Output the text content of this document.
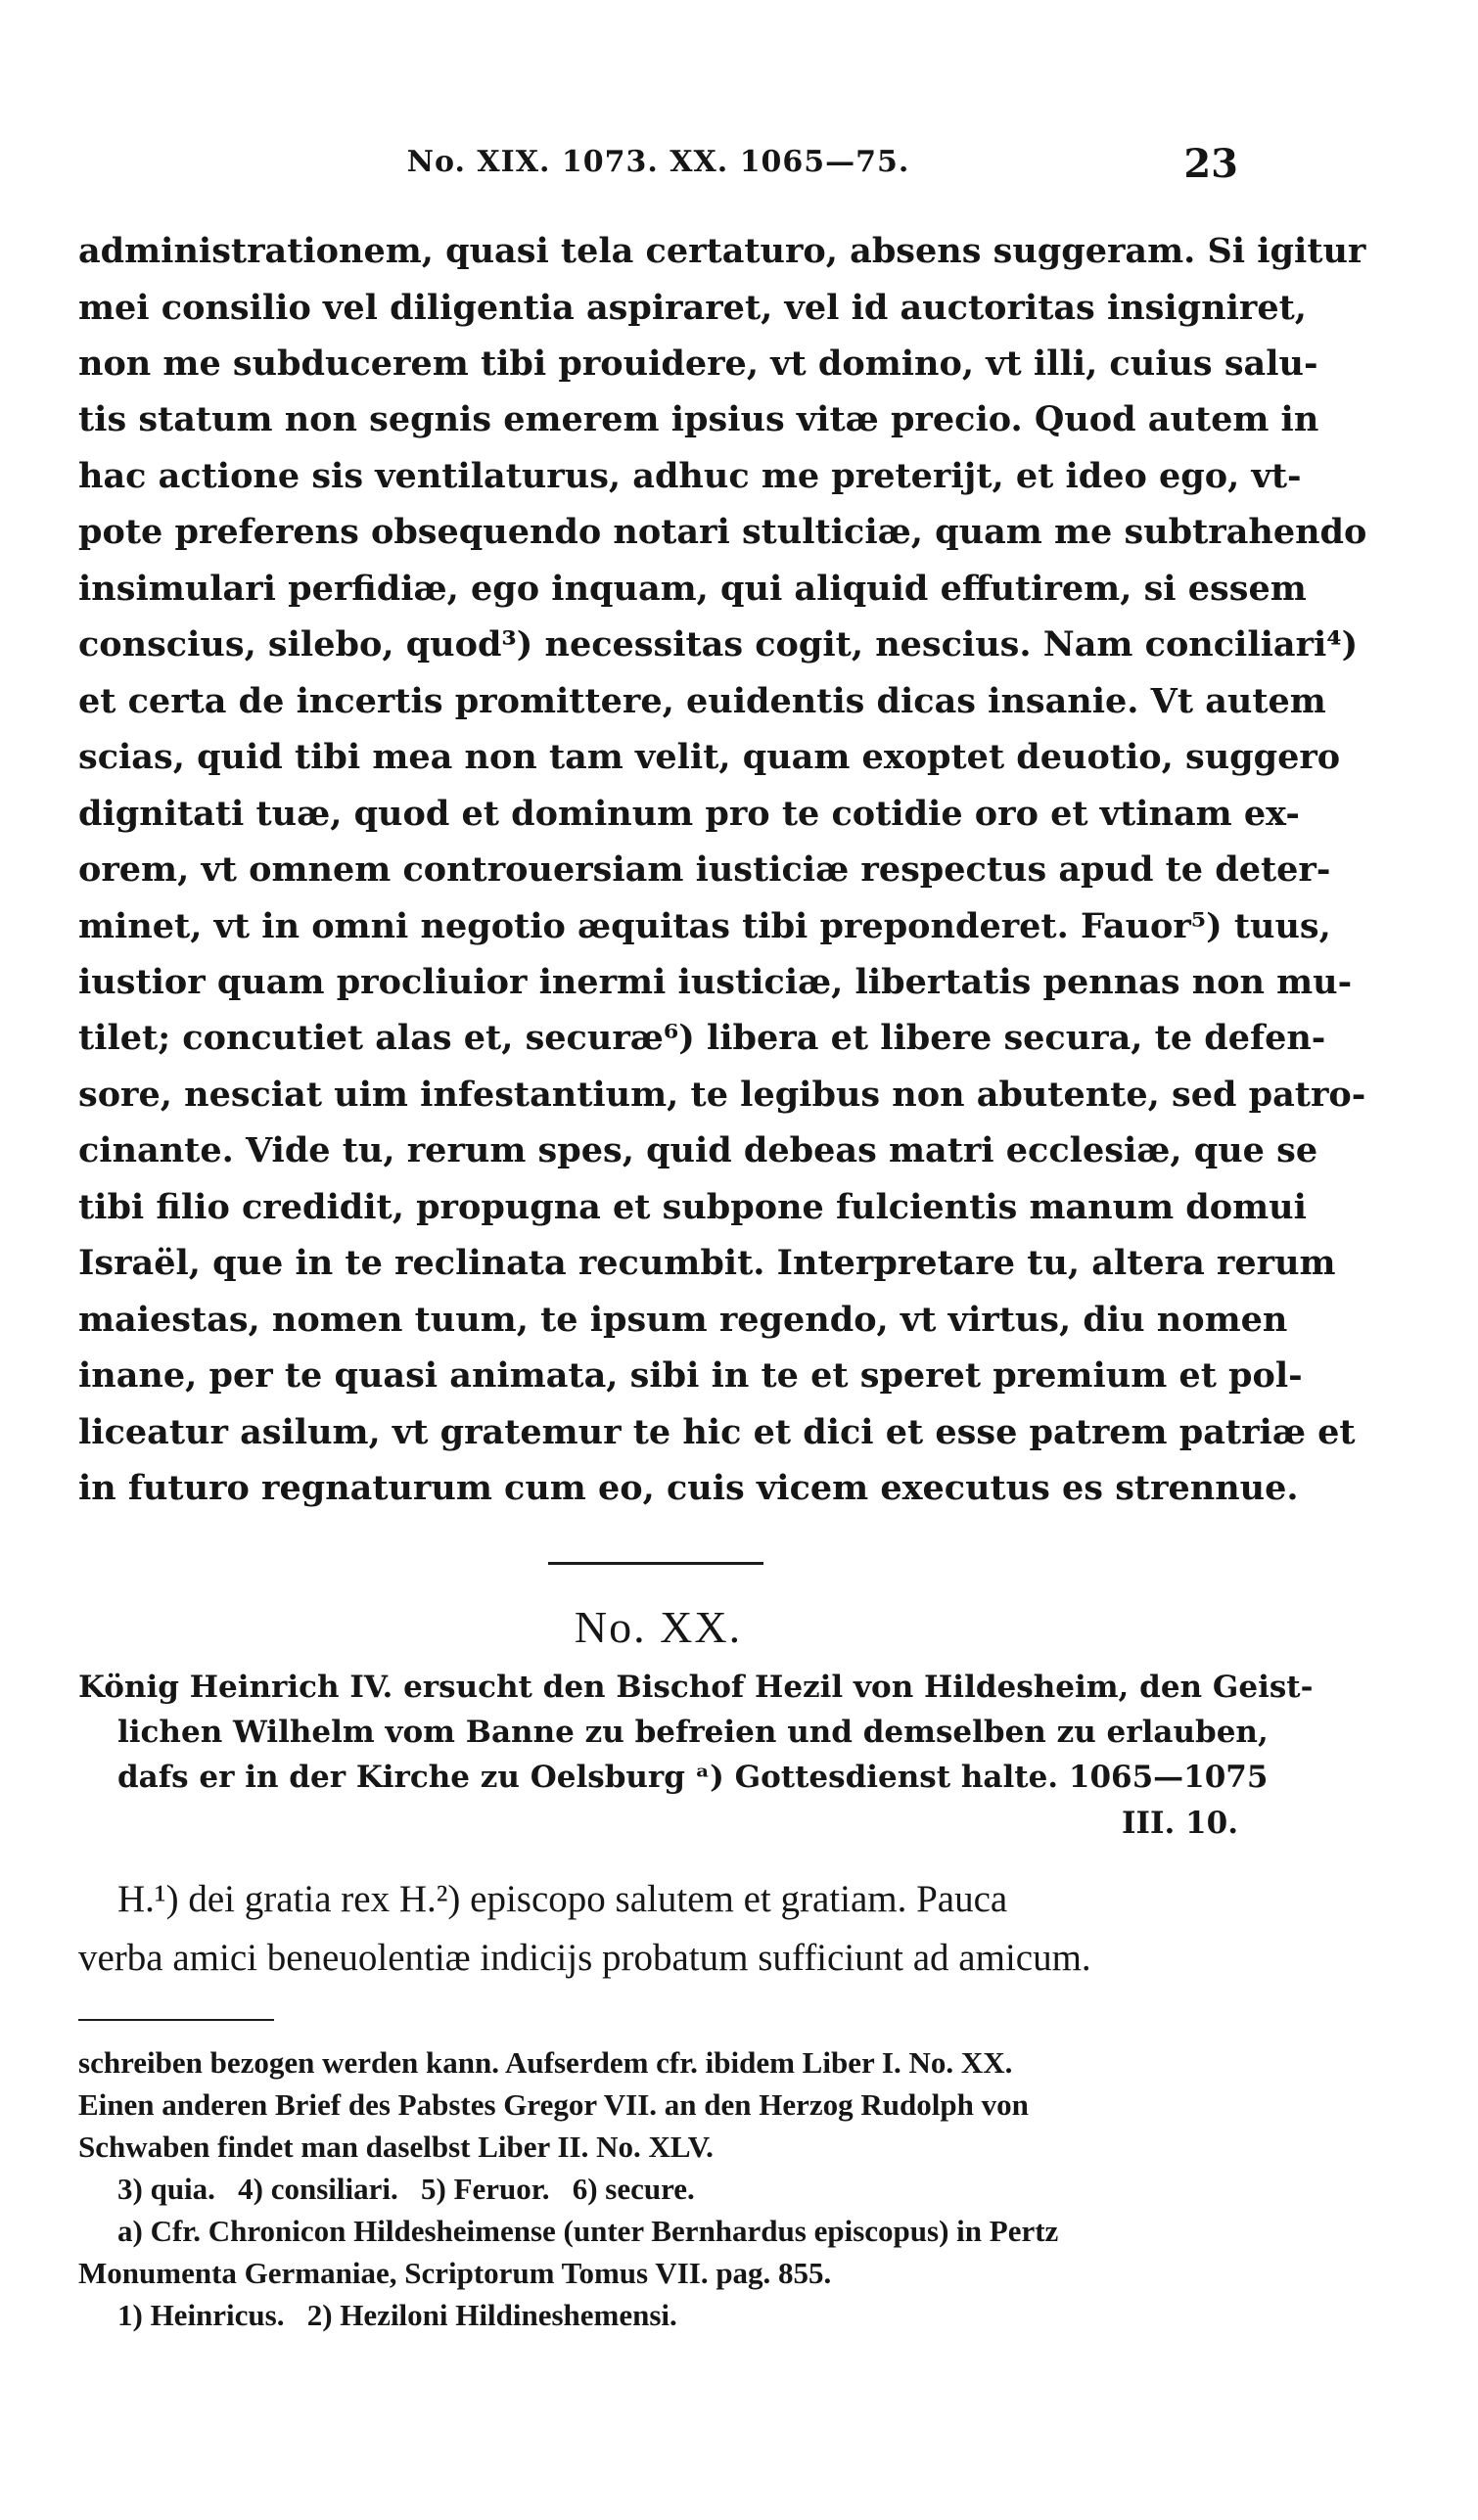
No. XIX. 1073. XX. 1065—75.	23
administrationem, quasi tela certaturo, absens suggeram. Si igitur
mei consilio vel diligentia aspiraret, vel id auctoritas insigniret,
non me subducerem tibi prouidere, vt domino, vt illi, cuius salu-
tis statum non segnis emerem ipsius vitæ precio. Quod autem in
hac actione sis ventilaturus, adhuc me preterijt, et ideo ego, vt-
pote preferens obsequendo notari stulticiæ, quam me subtrahendo
insimulari perfidiæ, ego inquam, qui aliquid effutirem, si essem
conscius, silebo, quod³) necessitas cogit, nescius. Nam conciliari⁴)
et certa de incertis promittere, euidentis dicas insanie. Vt autem
scias, quid tibi mea non tam velit, quam exoptet deuotio, suggero
dignitati tuæ, quod et dominum pro te cotidie oro et vtinam ex-
orem, vt omnem controuersiam iusticiæ respectus apud te deter-
minet, vt in omni negotio æquitas tibi preponderet. Fauor⁵) tuus,
iustior quam procliuior inermi iusticiæ, libertatis pennas non mu-
tilet; concutiet alas et, securæ⁶) libera et libere secura, te defen-
sore, nesciat uim infestantium, te legibus non abutente, sed patro-
cinante. Vide tu, rerum spes, quid debeas matri ecclesiæ, que se
tibi filio credidit, propugna et subpone fulcientis manum domui
Israël, que in te reclinata recumbit. Interpretare tu, altera rerum
maiestas, nomen tuum, te ipsum regendo, vt virtus, diu nomen
inane, per te quasi animata, sibi in te et speret premium et pol-
liceatur asilum, vt gratemur te hic et dici et esse patrem patriæ et
in futuro regnaturum cum eo, cuis vicem executus es strennue.
No. XX.
König Heinrich IV. ersucht den Bischof Hezil von Hildesheim, den Geist-
lichen Wilhelm vom Banne zu befreien und demselben zu erlauben,
dafs er in der Kirche zu Oelsburg ᵃ) Gottesdienst halte. 1065—1075
III. 10.
H.¹) dei gratia rex H.²) episcopo salutem et gratiam. Pauca
verba amici beneuolentiæ indicijs probatum sufficiunt ad amicum.
schreiben bezogen werden kann. Aufserdem cfr. ibidem Liber I. No. XX.
Einen anderen Brief des Pabstes Gregor VII. an den Herzog Rudolph von
Schwaben findet man daselbst Liber II. No. XLV.
3) quia.   4) consiliari.   5) Feruor.   6) secure.
a) Cfr. Chronicon Hildesheimense (unter Bernhardus episcopus) in Pertz
Monumenta Germaniae, Scriptorum Tomus VII. pag. 855.
1) Heinricus.   2) Heziloni Hildineshemensi.
